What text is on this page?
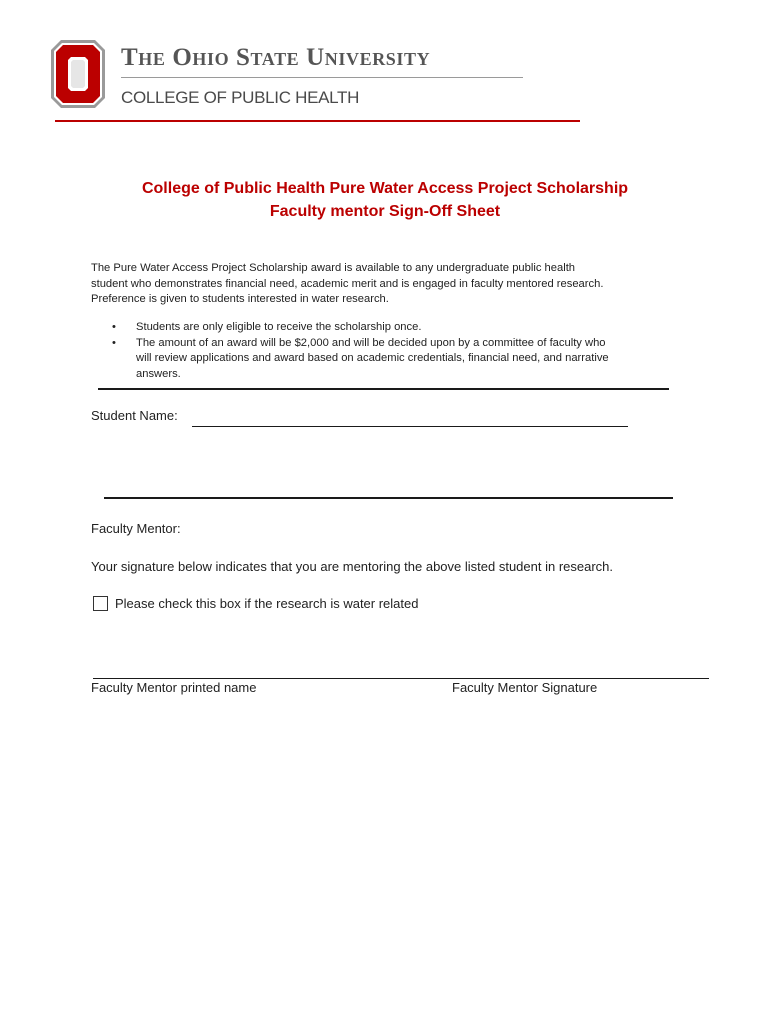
The Ohio State University
COLLEGE OF PUBLIC HEALTH
College of Public Health Pure Water Access Project Scholarship
Faculty mentor Sign-Off Sheet
The Pure Water Access Project Scholarship award is available to any undergraduate public health
student who demonstrates financial need, academic merit and is engaged in faculty mentored research.
Preference is given to students interested in water research.
• Students are only eligible to receive the scholarship once.
• The amount of an award will be $2,000 and will be decided upon by a committee of faculty who
will review applications and award based on academic credentials, financial need, and narrative
answers.
Student Name:
Faculty Mentor:
Your signature below indicates that you are mentoring the above listed student in research.
Please check this box if the research is water related
Faculty Mentor printed name	Faculty Mentor Signature
